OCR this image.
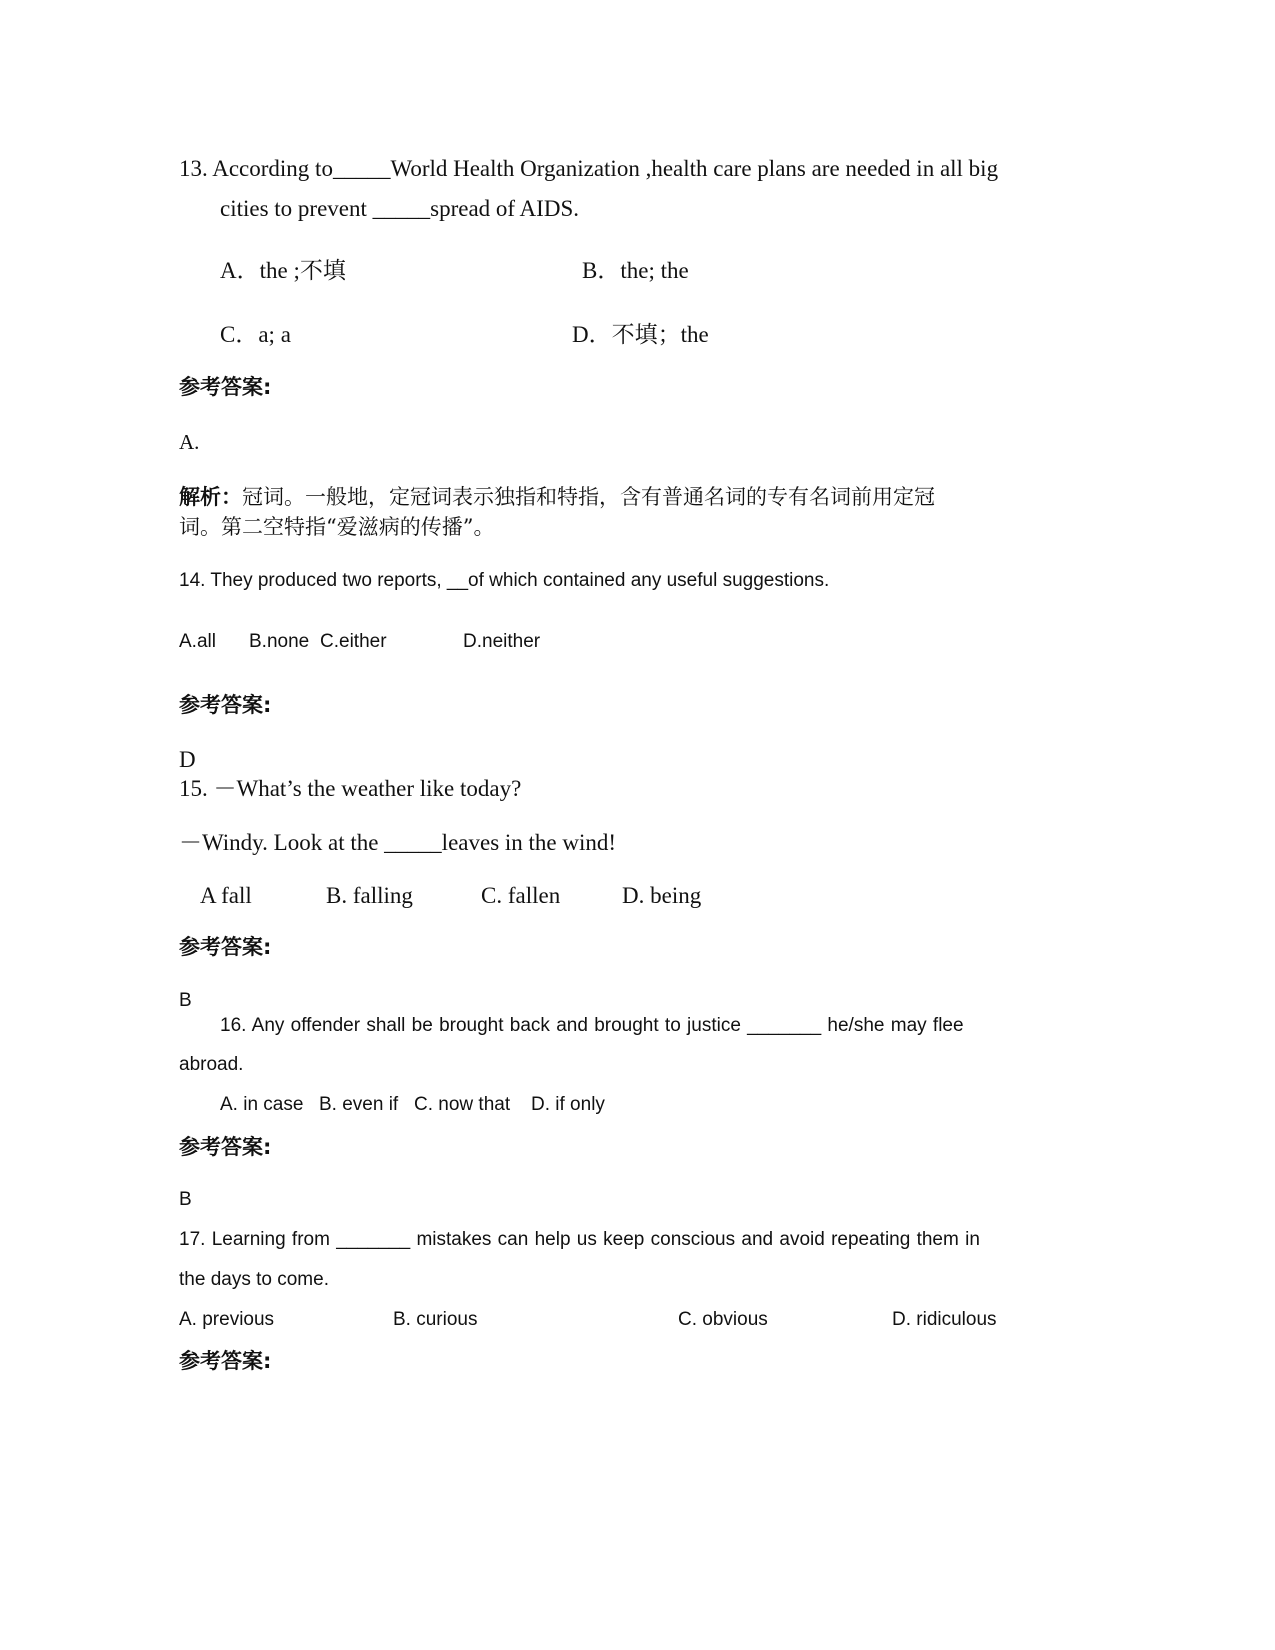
13. According to_____World Health Organization ,health care plans are needed in all big
cities to prevent _____spread of AIDS.
A．the ;不填	B．the; the
C．a; a	D．不填；the
参考答案:
A.
解析：冠词。一般地，定冠词表示独指和特指，含有普通名词的专有名词前用定冠
词。第二空特指“爱滋病的传播”。
14. They produced two reports, __of which contained any useful suggestions.
A.all B.none C.either	D.neither
参考答案:
D
15. －What’s the weather like today?
－Windy. Look at the _____leaves in the wind!
A fall	B. falling	C. fallen	D. being
参考答案:
B
16. Any offender shall be brought back and brought to justice _______ he/she may flee
abroad.
A. in case B. even if C. now that D. if only
参考答案:
B
17. Learning from _______ mistakes can help us keep conscious and avoid repeating them in
the days to come.
A. previous	B. curious	C. obvious	D. ridiculous
参考答案:
